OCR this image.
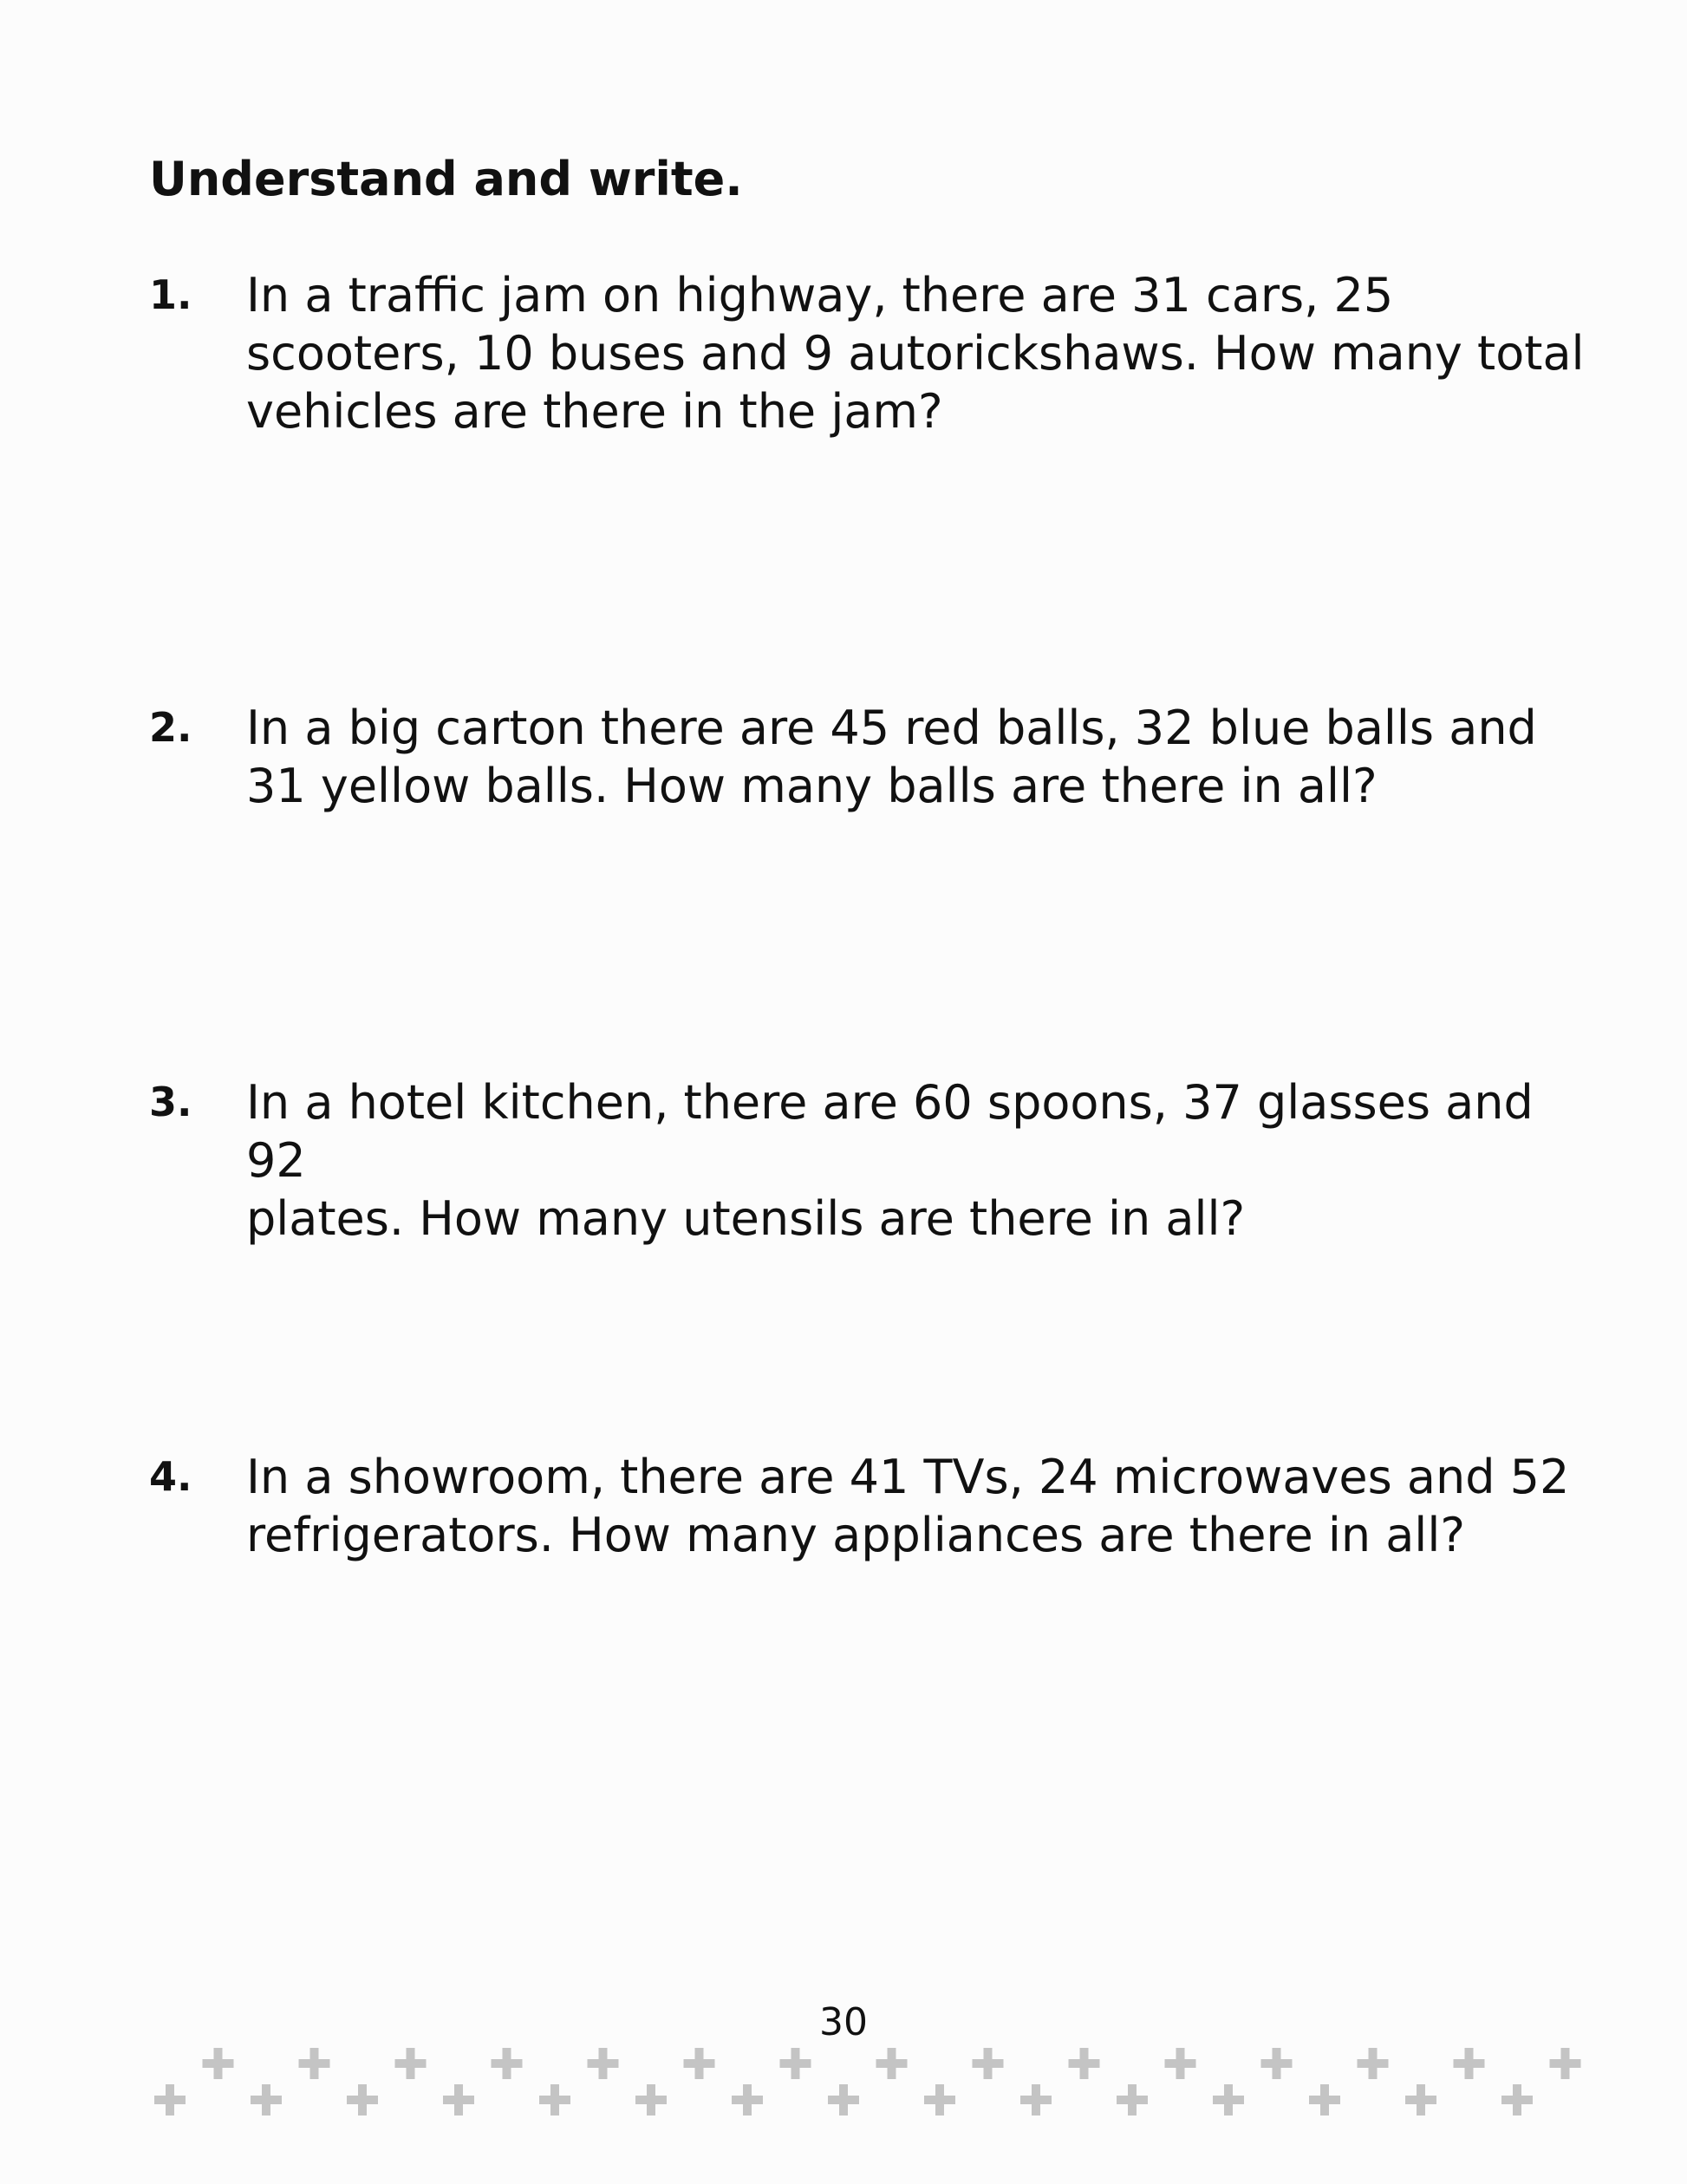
Understand and write.
1. In a traffic jam on highway, there are 31 cars, 25
scooters, 10 buses and 9 autorickshaws. How many total
vehicles are there in the jam?
2. In a big carton there are 45 red balls, 32 blue balls and
31 yellow balls. How many balls are there in all?
3. In a hotel kitchen, there are 60 spoons, 37 glasses and 92
plates. How many utensils are there in all?
4. In a showroom, there are 41 TVs, 24 microwaves and 52
refrigerators. How many appliances are there in all?
30
